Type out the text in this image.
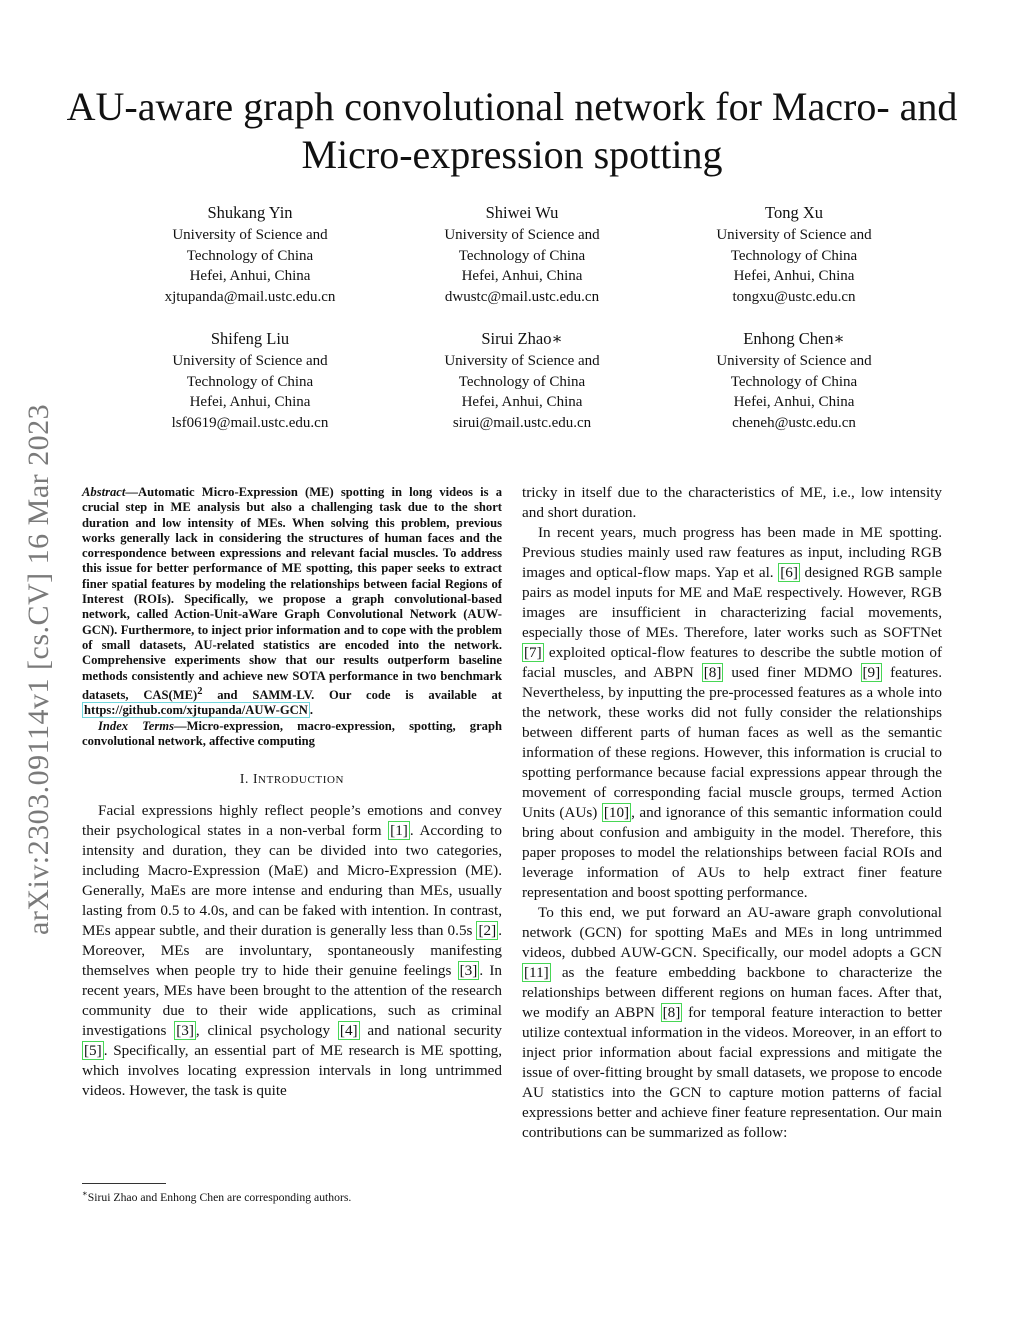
arXiv:2303.09114v1 [cs.CV] 16 Mar 2023
AU-aware graph convolutional network for Macro- and Micro-expression spotting
Shukang Yin
University of Science and
Technology of China
Hefei, Anhui, China
xjtupanda@mail.ustc.edu.cn
Shiwei Wu
University of Science and
Technology of China
Hefei, Anhui, China
dwustc@mail.ustc.edu.cn
Tong Xu
University of Science and
Technology of China
Hefei, Anhui, China
tongxu@ustc.edu.cn
Shifeng Liu
University of Science and
Technology of China
Hefei, Anhui, China
lsf0619@mail.ustc.edu.cn
Sirui Zhao∗
University of Science and
Technology of China
Hefei, Anhui, China
sirui@mail.ustc.edu.cn
Enhong Chen∗
University of Science and
Technology of China
Hefei, Anhui, China
cheneh@ustc.edu.cn

Abstract—Automatic Micro-Expression (ME) spotting in long videos is a crucial step in ME analysis but also a challenging task due to the short duration and low intensity of MEs. When solving this problem, previous works generally lack in considering the structures of human faces and the correspondence between expressions and relevant facial muscles. To address this issue for better performance of ME spotting, this paper seeks to extract finer spatial features by modeling the relationships between facial Regions of Interest (ROIs). Specifically, we propose a graph convolutional-based network, called Action-Unit-aWare Graph Convolutional Network (AUW-GCN). Furthermore, to inject prior information and to cope with the problem of small datasets, AU-related statistics are encoded into the network. Comprehensive experiments show that our results outperform baseline methods consistently and achieve new SOTA performance in two benchmark datasets, CAS(ME)$^2$ and SAMM-LV. Our code is available at https://github.com/xjtupanda/AUW-GCN .

Index Terms—Micro-expression, macro-expression, spotting, graph convolutional network, affective computing

I. INTRODUCTION

Facial expressions highly reflect people’s emotions and convey their psychological states in a non-verbal form [1] . According to intensity and duration, they can be divided into two categories, including Macro-Expression (MaE) and Micro-Expression (ME). Generally, MaEs are more intense and enduring than MEs, usually lasting from 0.5 to 4.0s, and can be faked with intention. In contrast, MEs appear subtle, and their duration is generally less than 0.5s [2] . Moreover, MEs are involuntary, spontaneously manifesting themselves when people try to hide their genuine feelings [3] . In recent years, MEs have been brought to the attention of the research community due to their wide applications, such as criminal investigations [3] , clinical psychology [4] and national security [5] . Specifically, an essential part of ME research is ME spotting, which involves locating expression intervals in long untrimmed videos. However, the task is quite

tricky in itself due to the characteristics of ME, i.e., low intensity and short duration.

In recent years, much progress has been made in ME spotting. Previous studies mainly used raw features as input, including RGB images and optical-flow maps. Yap et al. [6] designed RGB sample pairs as model inputs for ME and MaE respectively. However, RGB images are insufficient in characterizing facial movements, especially those of MEs. Therefore, later works such as SOFTNet [7] exploited optical-flow features to describe the subtle motion of facial muscles, and ABPN [8] used finer MDMO [9] features. Nevertheless, by inputting the pre-processed features as a whole into the network, these works did not fully consider the relationships between different parts of human faces as well as the semantic information of these regions. However, this information is crucial to spotting performance because facial expressions appear through the movement of corresponding facial muscle groups, termed Action Units (AUs) [10] , and ignorance of this semantic information could bring about confusion and ambiguity in the model. Therefore, this paper proposes to model the relationships between facial ROIs and leverage information of AUs to help extract finer feature representation and boost spotting performance.

To this end, we put forward an AU-aware graph convolutional network (GCN) for spotting MaEs and MEs in long untrimmed videos, dubbed AUW-GCN. Specifically, our model adopts a GCN [11] as the feature embedding backbone to characterize the relationships between different regions on human faces. After that, we modify an ABPN [8] for temporal feature interaction to better utilize contextual information in the videos. Moreover, in an effort to inject prior information about facial expressions and mitigate the issue of over-fitting brought by small datasets, we propose to encode AU statistics into the GCN to capture motion patterns of facial expressions better and achieve finer feature representation. Our main contributions can be summarized as follow:

∗Sirui Zhao and Enhong Chen are corresponding authors.
